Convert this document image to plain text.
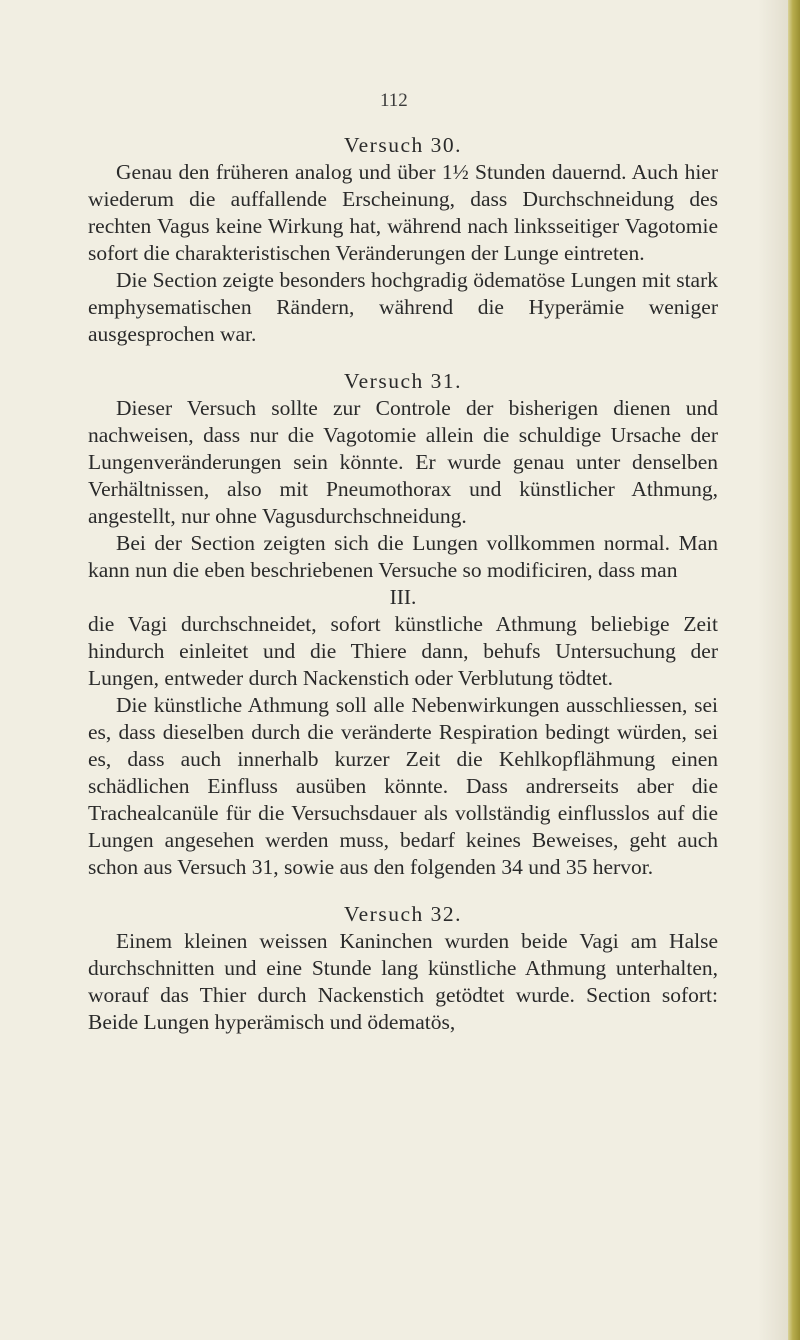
112

Versuch 30.

Genau den früheren analog und über 1½ Stunden dauernd. Auch hier wiederum die auffallende Erscheinung, dass Durchschneidung des rechten Vagus keine Wirkung hat, während nach linksseitiger Vagotomie sofort die charakteristischen Veränderungen der Lunge eintreten.

Die Section zeigte besonders hochgradig ödematöse Lungen mit stark emphysematischen Rändern, während die Hyperämie weniger ausgesprochen war.

Versuch 31.

Dieser Versuch sollte zur Controle der bisherigen dienen und nachweisen, dass nur die Vagotomie allein die schuldige Ursache der Lungenveränderungen sein könnte. Er wurde genau unter denselben Verhältnissen, also mit Pneumothorax und künstlicher Athmung, angestellt, nur ohne Vagusdurchschneidung.

Bei der Section zeigten sich die Lungen vollkommen normal. Man kann nun die eben beschriebenen Versuche so modificiren, dass man

III.

die Vagi durchschneidet, sofort künstliche Athmung beliebige Zeit hindurch einleitet und die Thiere dann, behufs Untersuchung der Lungen, entweder durch Nackenstich oder Verblutung tödtet.

Die künstliche Athmung soll alle Nebenwirkungen ausschliessen, sei es, dass dieselben durch die veränderte Respiration bedingt würden, sei es, dass auch innerhalb kurzer Zeit die Kehlkopflähmung einen schädlichen Einfluss ausüben könnte. Dass andrerseits aber die Trachealcanüle für die Versuchsdauer als vollständig einflusslos auf die Lungen angesehen werden muss, bedarf keines Beweises, geht auch schon aus Versuch 31, sowie aus den folgenden 34 und 35 hervor.

Versuch 32.

Einem kleinen weissen Kaninchen wurden beide Vagi am Halse durchschnitten und eine Stunde lang künstliche Athmung unterhalten, worauf das Thier durch Nackenstich getödtet wurde. Section sofort: Beide Lungen hyperämisch und ödematös,
